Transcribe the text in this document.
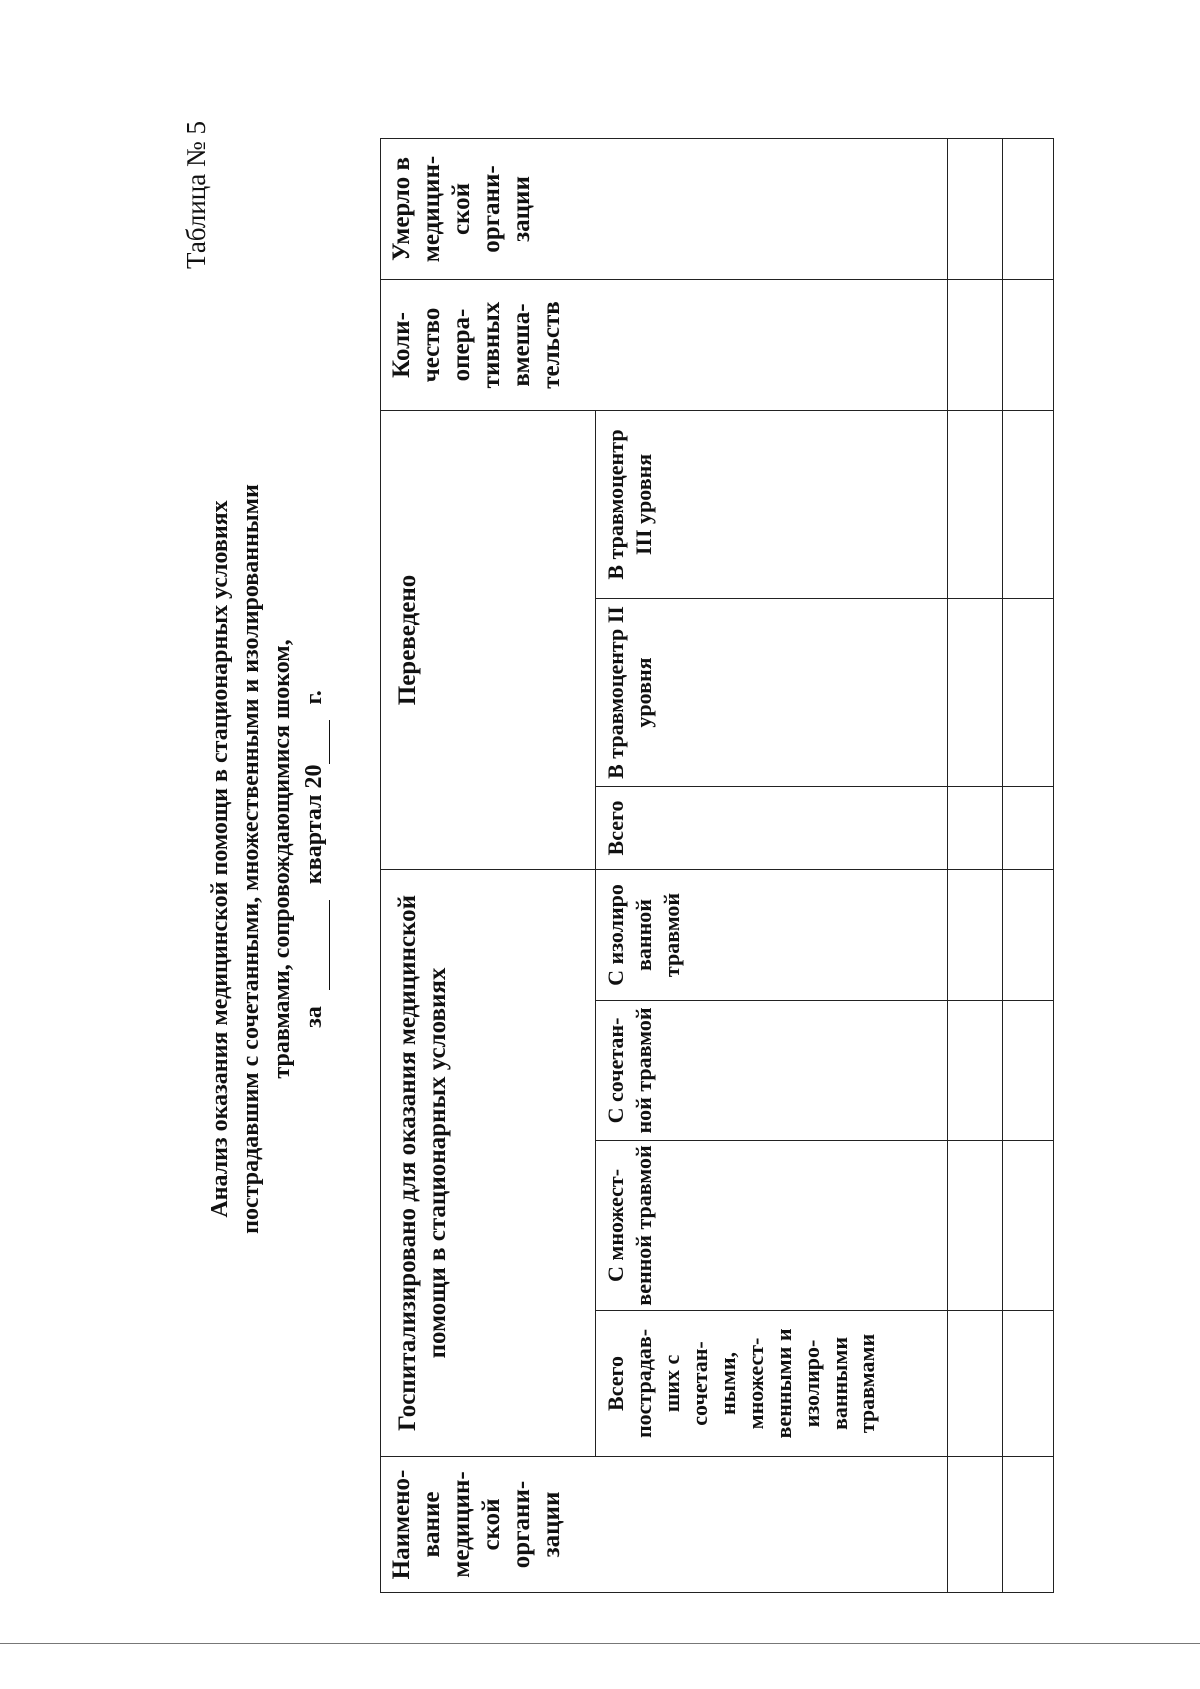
Таблица № 5
Анализ оказания медицинской помощи в стационарных условиях пострадавшим с сочетанными, множественными и изолированными травмами, сопровождающимися шоком, заквартал 20г.
Наимено-вание медицин-ской органи-зации	Госпитализировано для оказания медицинской помощи в стационарных условиях				Переведено			Коли-чество опера-тивных вмеша-тельств	Умерло в медицин-ской органи-зации
	Всего пострадав-ших с сочетан-ными, множест-венными и изолиро-ванными травмами	С множест-венной травмой	С сочетан-ной травмой	С изолиро ванной травмой	Всего	В травмоцентр II уровня	В травмоцентр III уровня		
